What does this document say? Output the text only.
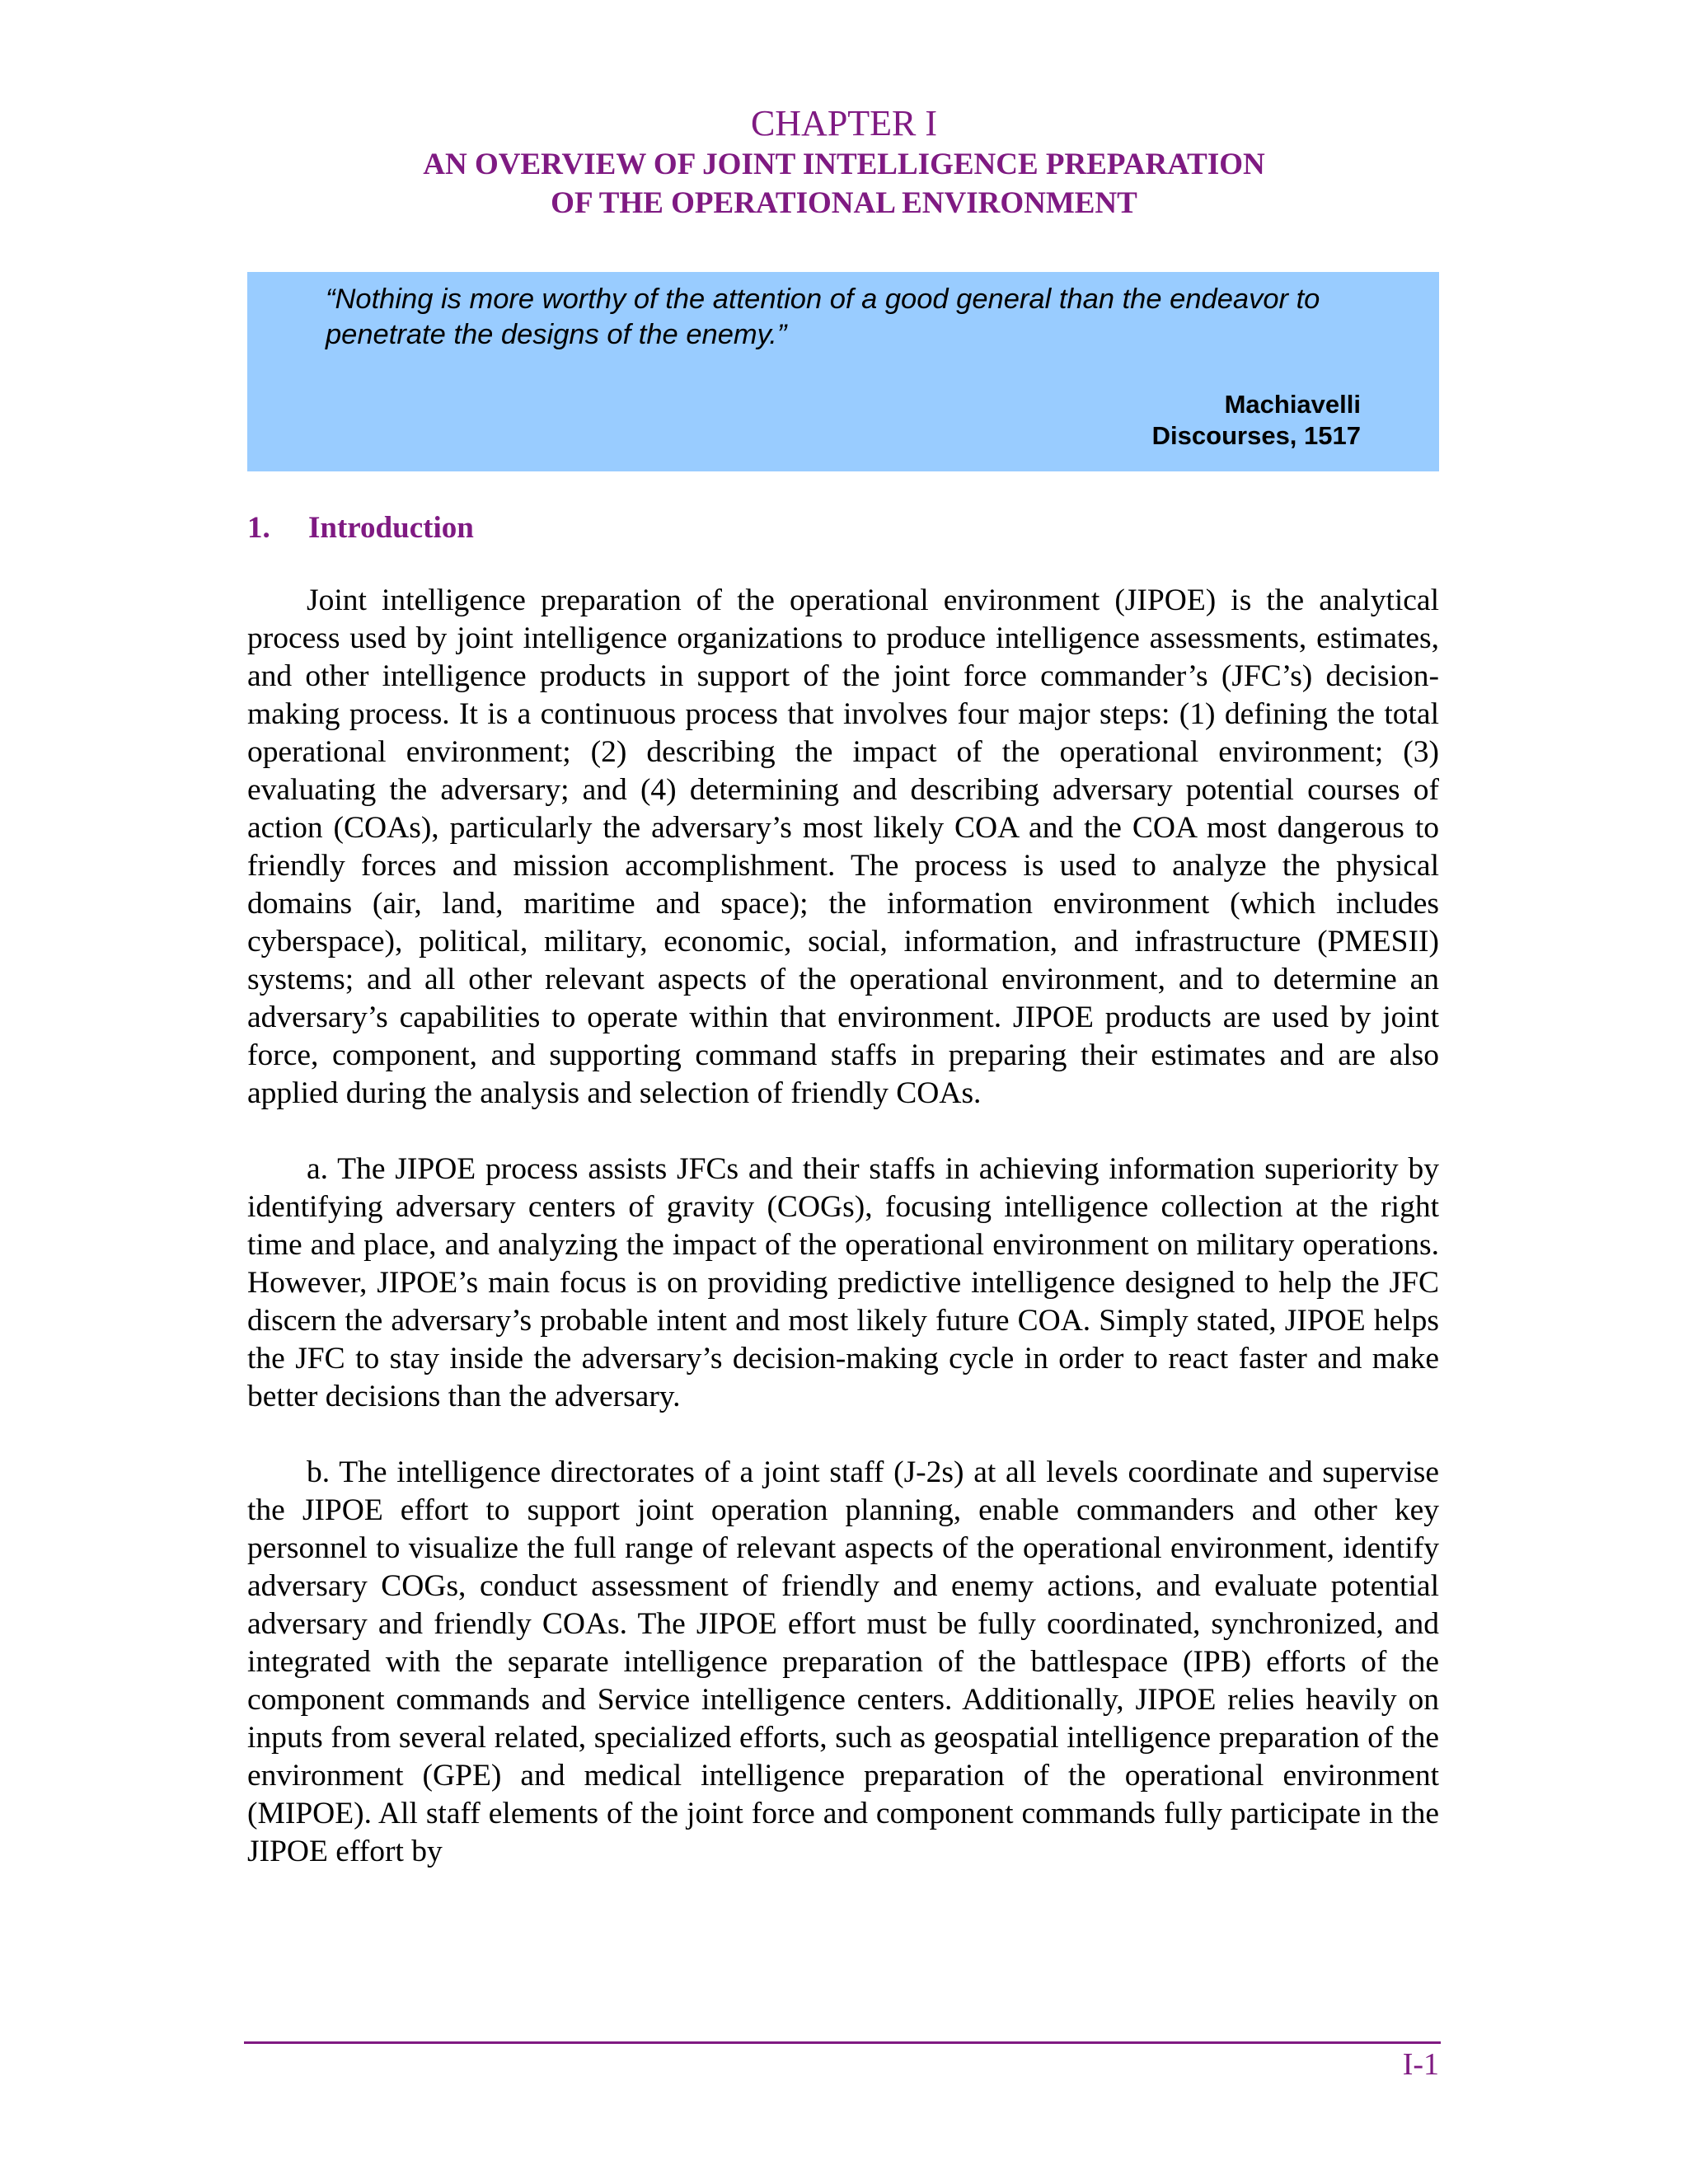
CHAPTER I
AN OVERVIEW OF JOINT INTELLIGENCE PREPARATION
OF THE OPERATIONAL ENVIRONMENT
“Nothing is more worthy of the attention of a good general than the endeavor to penetrate the designs of the enemy.”
Machiavelli
Discourses, 1517
1. Introduction

Joint intelligence preparation of the operational environment (JIPOE) is the analytical process used by joint intelligence organizations to produce intelligence assessments, estimates, and other intelligence products in support of the joint force commander’s (JFC’s) decision-making process. It is a continuous process that involves four major steps: (1) defining the total operational environment; (2) describing the impact of the operational environment; (3) evaluating the adversary; and (4) determining and describing adversary potential courses of action (COAs), particularly the adversary’s most likely COA and the COA most dangerous to friendly forces and mission accomplishment. The process is used to analyze the physical domains (air, land, maritime and space); the information environment (which includes cyberspace), political, military, economic, social, information, and infrastructure (PMESII) systems; and all other relevant aspects of the operational environment, and to determine an adversary’s capabilities to operate within that environment. JIPOE products are used by joint force, component, and supporting command staffs in preparing their estimates and are also applied during the analysis and selection of friendly COAs.

a. The JIPOE process assists JFCs and their staffs in achieving information superiority by identifying adversary centers of gravity (COGs), focusing intelligence collection at the right time and place, and analyzing the impact of the operational environment on military operations. However, JIPOE’s main focus is on providing predictive intelligence designed to help the JFC discern the adversary’s probable intent and most likely future COA. Simply stated, JIPOE helps the JFC to stay inside the adversary’s decision-making cycle in order to react faster and make better decisions than the adversary.

b. The intelligence directorates of a joint staff (J-2s) at all levels coordinate and supervise the JIPOE effort to support joint operation planning, enable commanders and other key personnel to visualize the full range of relevant aspects of the operational environment, identify adversary COGs, conduct assessment of friendly and enemy actions, and evaluate potential adversary and friendly COAs. The JIPOE effort must be fully coordinated, synchronized, and integrated with the separate intelligence preparation of the battlespace (IPB) efforts of the component commands and Service intelligence centers. Additionally, JIPOE relies heavily on inputs from several related, specialized efforts, such as geospatial intelligence preparation of the environment (GPE) and medical intelligence preparation of the operational environment (MIPOE). All staff elements of the joint force and component commands fully participate in the JIPOE effort by

I-1
